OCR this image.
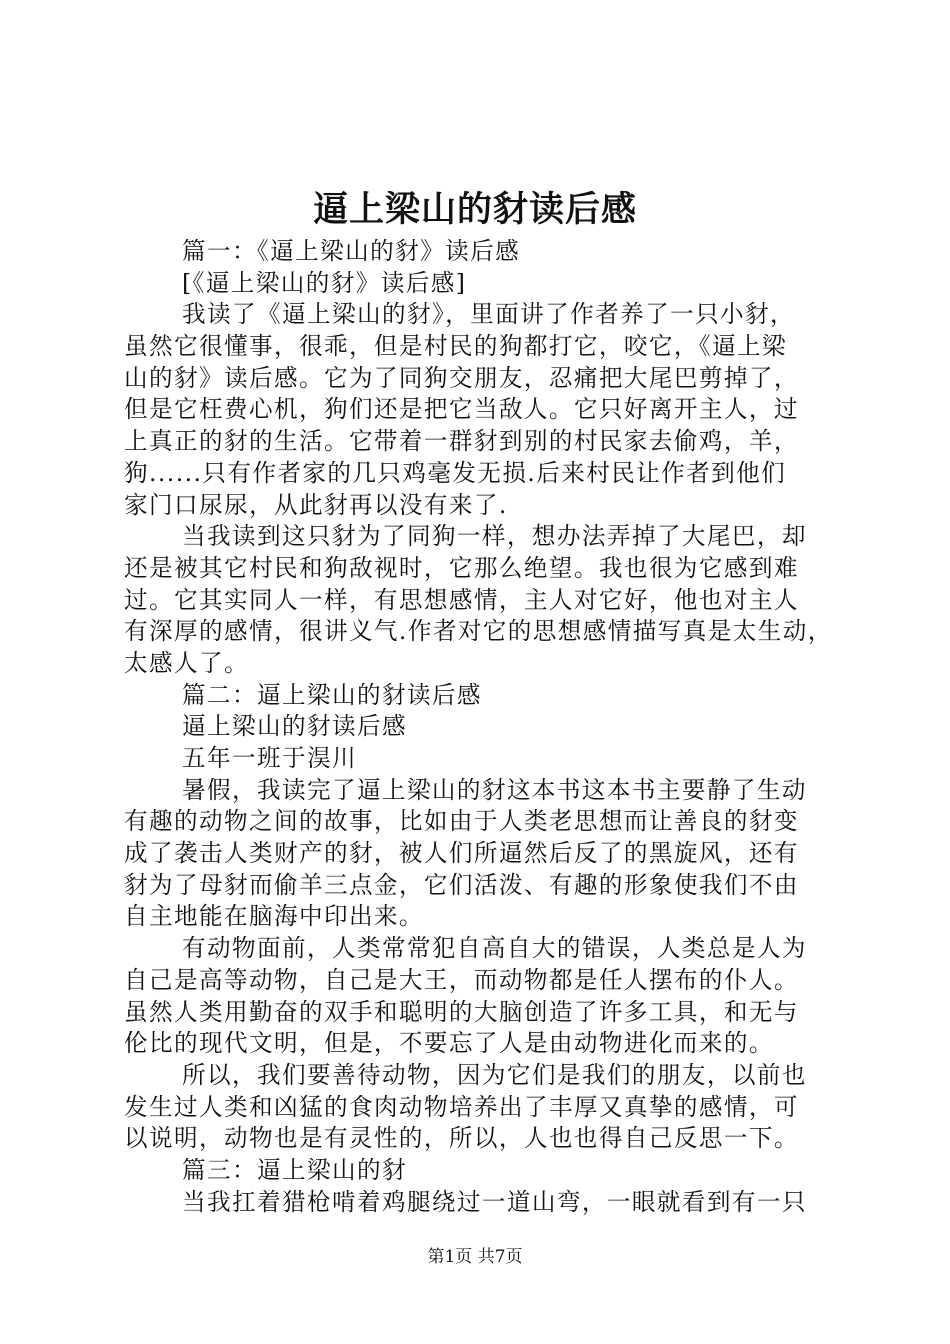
逼上梁山的豺读后感
篇一：《逼上梁山的豺》读后感
[《逼上梁山的豺》读后感]
我读了《逼上梁山的豺》，里面讲了作者养了一只小豺，
虽然它很懂事，很乖，但是村民的狗都打它，咬它，《逼上梁
山的豺》读后感。它为了同狗交朋友，忍痛把大尾巴剪掉了，
但是它枉费心机，狗们还是把它当敌人。它只好离开主人，过
上真正的豺的生活。它带着一群豺到别的村民家去偷鸡，羊，
狗......只有作者家的几只鸡毫发无损.后来村民让作者到他们
家门口尿尿，从此豺再以没有来了.
当我读到这只豺为了同狗一样，想办法弄掉了大尾巴，却
还是被其它村民和狗敌视时，它那么绝望。我也很为它感到难
过。它其实同人一样，有思想感情，主人对它好，他也对主人
有深厚的感情，很讲义气.作者对它的思想感情描写真是太生动，
太感人了。
篇二：逼上梁山的豺读后感
逼上梁山的豺读后感
五年一班于淏川
暑假，我读完了逼上梁山的豺这本书这本书主要静了生动
有趣的动物之间的故事，比如由于人类老思想而让善良的豺变
成了袭击人类财产的豺，被人们所逼然后反了的黑旋风，还有
豺为了母豺而偷羊三点金，它们活泼、有趣的形象使我们不由
自主地能在脑海中印出来。
有动物面前，人类常常犯自高自大的错误，人类总是人为
自己是高等动物，自己是大王，而动物都是任人摆布的仆人。
虽然人类用勤奋的双手和聪明的大脑创造了许多工具，和无与
伦比的现代文明，但是，不要忘了人是由动物进化而来的。
所以，我们要善待动物，因为它们是我们的朋友，以前也
发生过人类和凶猛的食肉动物培养出了丰厚又真挚的感情，可
以说明，动物也是有灵性的，所以，人也也得自己反思一下。
篇三：逼上梁山的豺
当我扛着猎枪啃着鸡腿绕过一道山弯，一眼就看到有一只
第1页 共7页
